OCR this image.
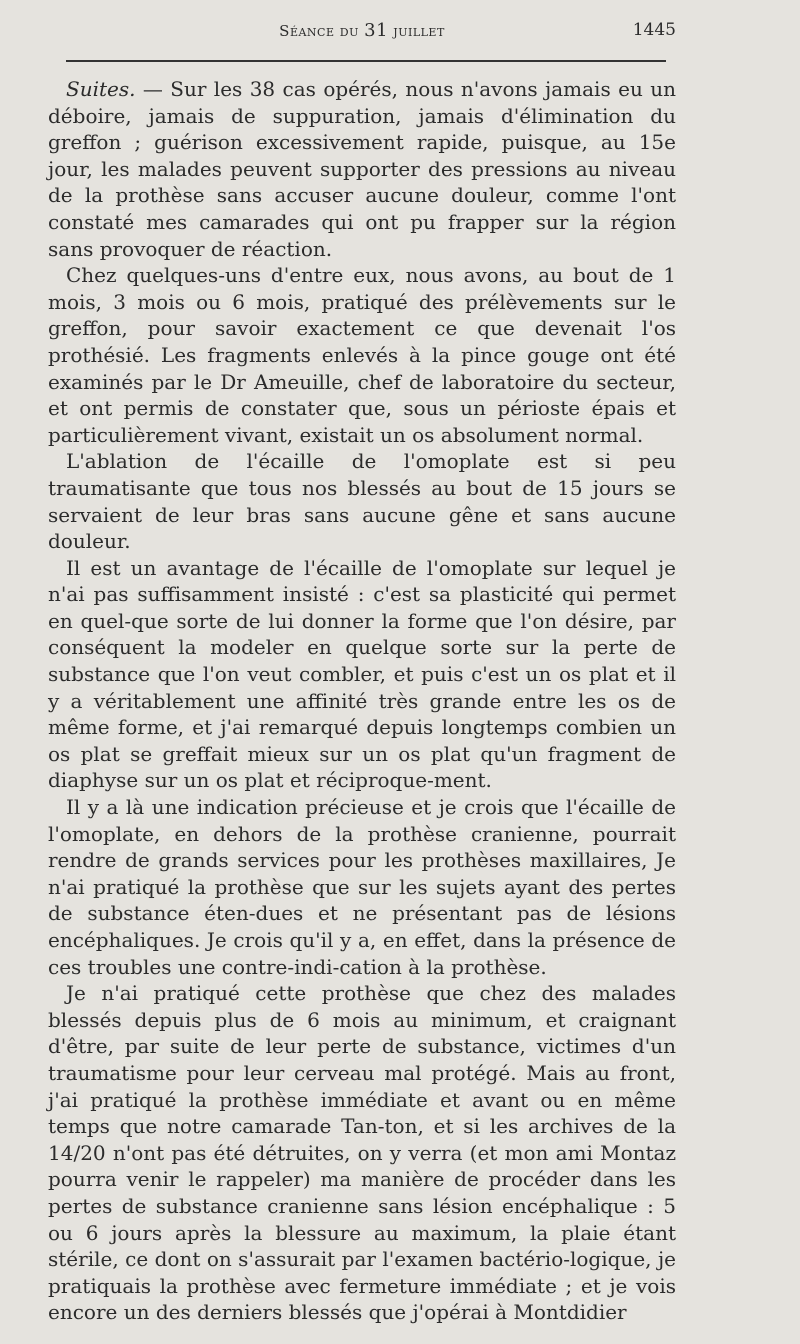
Séance du 31 juillet	1445

Suites. — Sur les 38 cas opérés, nous n'avons jamais eu un déboire, jamais de suppuration, jamais d'élimination du greffon ; guérison excessivement rapide, puisque, au 15e jour, les malades peuvent supporter des pressions au niveau de la prothèse sans accuser aucune douleur, comme l'ont constaté mes camarades qui ont pu frapper sur la région sans provoquer de réaction.

Chez quelques-uns d'entre eux, nous avons, au bout de 1 mois, 3 mois ou 6 mois, pratiqué des prélèvements sur le greffon, pour savoir exactement ce que devenait l'os prothésié. Les fragments enlevés à la pince gouge ont été examinés par le Dr Ameuille, chef de laboratoire du secteur, et ont permis de constater que, sous un périoste épais et particulièrement vivant, existait un os absolument normal.

L'ablation de l'écaille de l'omoplate est si peu traumatisante que tous nos blessés au bout de 15 jours se servaient de leur bras sans aucune gêne et sans aucune douleur.

Il est un avantage de l'écaille de l'omoplate sur lequel je n'ai pas suffisamment insisté : c'est sa plasticité qui permet en quel-que sorte de lui donner la forme que l'on désire, par conséquent la modeler en quelque sorte sur la perte de substance que l'on veut combler, et puis c'est un os plat et il y a véritablement une affinité très grande entre les os de même forme, et j'ai remarqué depuis longtemps combien un os plat se greffait mieux sur un os plat qu'un fragment de diaphyse sur un os plat et réciproque-ment.

Il y a là une indication précieuse et je crois que l'écaille de l'omoplate, en dehors de la prothèse cranienne, pourrait rendre de grands services pour les prothèses maxillaires, Je n'ai pratiqué la prothèse que sur les sujets ayant des pertes de substance éten-dues et ne présentant pas de lésions encéphaliques. Je crois qu'il y a, en effet, dans la présence de ces troubles une contre-indi-cation à la prothèse.

Je n'ai pratiqué cette prothèse que chez des malades blessés depuis plus de 6 mois au minimum, et craignant d'être, par suite de leur perte de substance, victimes d'un traumatisme pour leur cerveau mal protégé. Mais au front, j'ai pratiqué la prothèse immédiate et avant ou en même temps que notre camarade Tan-ton, et si les archives de la 14/20 n'ont pas été détruites, on y verra (et mon ami Montaz pourra venir le rappeler) ma manière de procéder dans les pertes de substance cranienne sans lésion encéphalique : 5 ou 6 jours après la blessure au maximum, la plaie étant stérile, ce dont on s'assurait par l'examen bactério-logique, je pratiquais la prothèse avec fermeture immédiate ; et je vois encore un des derniers blessés que j'opérai à Montdidier
